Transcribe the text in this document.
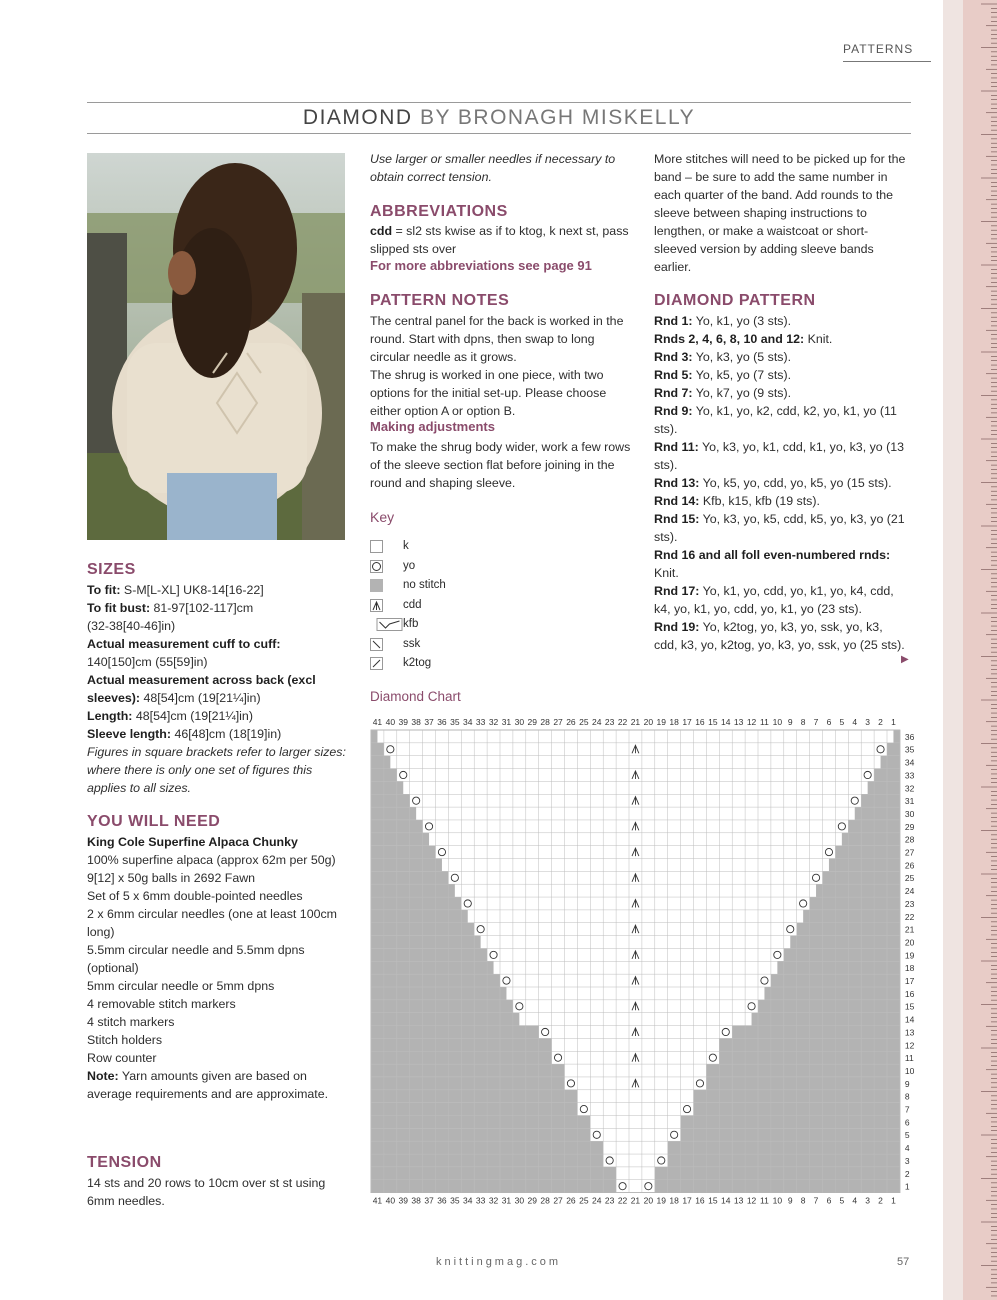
PATTERNS
DIAMOND BY BRONAGH MISKELLY
SIZES
To fit: S-M[L-XL] UK8-14[16-22]
To fit bust: 81-97[102-117]cm
(32-38[40-46]in)
Actual measurement cuff to cuff:
140[150]cm (55[59]in)
Actual measurement across back (excl
sleeves): 48[54]cm (19[21¼]in)
Length: 48[54]cm (19[21¼]in)
Sleeve length: 46[48]cm (18[19]in)
Figures in square brackets refer to larger sizes: where there is only one set of figures this applies to all sizes.
YOU WILL NEED
King Cole Superfine Alpaca Chunky
100% superfine alpaca (approx 62m per 50g)
9[12] x 50g balls in 2692 Fawn
Set of 5 x 6mm double-pointed needles
2 x 6mm circular needles (one at least 100cm long)
5.5mm circular needle and 5.5mm dpns (optional)
5mm circular needle or 5mm dpns
4 removable stitch markers
4 stitch markers
Stitch holders
Row counter
Note: Yarn amounts given are based on average requirements and are approximate.
TENSION
14 sts and 20 rows to 10cm over st st using 6mm needles.
Use larger or smaller needles if necessary to obtain correct tension.
ABBREVIATIONS
cdd = sl2 sts kwise as if to ktog, k next st, pass slipped sts over
For more abbreviations see page 91
PATTERN NOTES
The central panel for the back is worked in the round. Start with dpns, then swap to long circular needle as it grows.
The shrug is worked in one piece, with two options for the initial set-up. Please choose either option A or option B.
Making adjustments
To make the shrug body wider, work a few rows of the sleeve section flat before joining in the round and shaping sleeve.
Key
k
yo
no stitch
cdd
kfb
ssk
k2tog
More stitches will need to be picked up for the band – be sure to add the same number in each quarter of the band. Add rounds to the sleeve between shaping instructions to lengthen, or make a waistcoat or short-sleeved version by adding sleeve bands earlier.
DIAMOND PATTERN
Rnd 1: Yo, k1, yo (3 sts).
Rnds 2, 4, 6, 8, 10 and 12: Knit.
Rnd 3: Yo, k3, yo (5 sts).
Rnd 5: Yo, k5, yo (7 sts).
Rnd 7: Yo, k7, yo (9 sts).
Rnd 9: Yo, k1, yo, k2, cdd, k2, yo, k1, yo (11 sts).
Rnd 11: Yo, k3, yo, k1, cdd, k1, yo, k3, yo (13 sts).
Rnd 13: Yo, k5, yo, cdd, yo, k5, yo (15 sts).
Rnd 14: Kfb, k15, kfb (19 sts).
Rnd 15: Yo, k3, yo, k5, cdd, k5, yo, k3, yo (21 sts).
Rnd 16 and all foll even-numbered rnds: Knit.
Rnd 17: Yo, k1, yo, cdd, yo, k1, yo, k4, cdd, k4, yo, k1, yo, cdd, yo, k1, yo (23 sts).
Rnd 19: Yo, k2tog, yo, k3, yo, ssk, yo, k3, cdd, k3, yo, k2tog, yo, k3, yo, ssk, yo (25 sts).
▶
Diamond Chart
41 40 39 38 37 36 35 34 33 32 31 30 29 28 27 26 25 24 23 22 21 20 19 18 17 16 15 14 13 12 11 10 9 8 7 6 5 4 3 2 1
41 40 39 38 37 36 35 34 33 32 31 30 29 28 27 26 25 24 23 22 21 20 19 18 17 16 15 14 13 12 11 10 9 8 7 6 5 4 3 2 1
1
2
3
4
5
6
7
8
9
10
11
12
13
14
15
16
17
18
19
20
21
22
23
24
25
26
27
28
29
30
31
32
33
34
35
36
knittingmag.com	57
